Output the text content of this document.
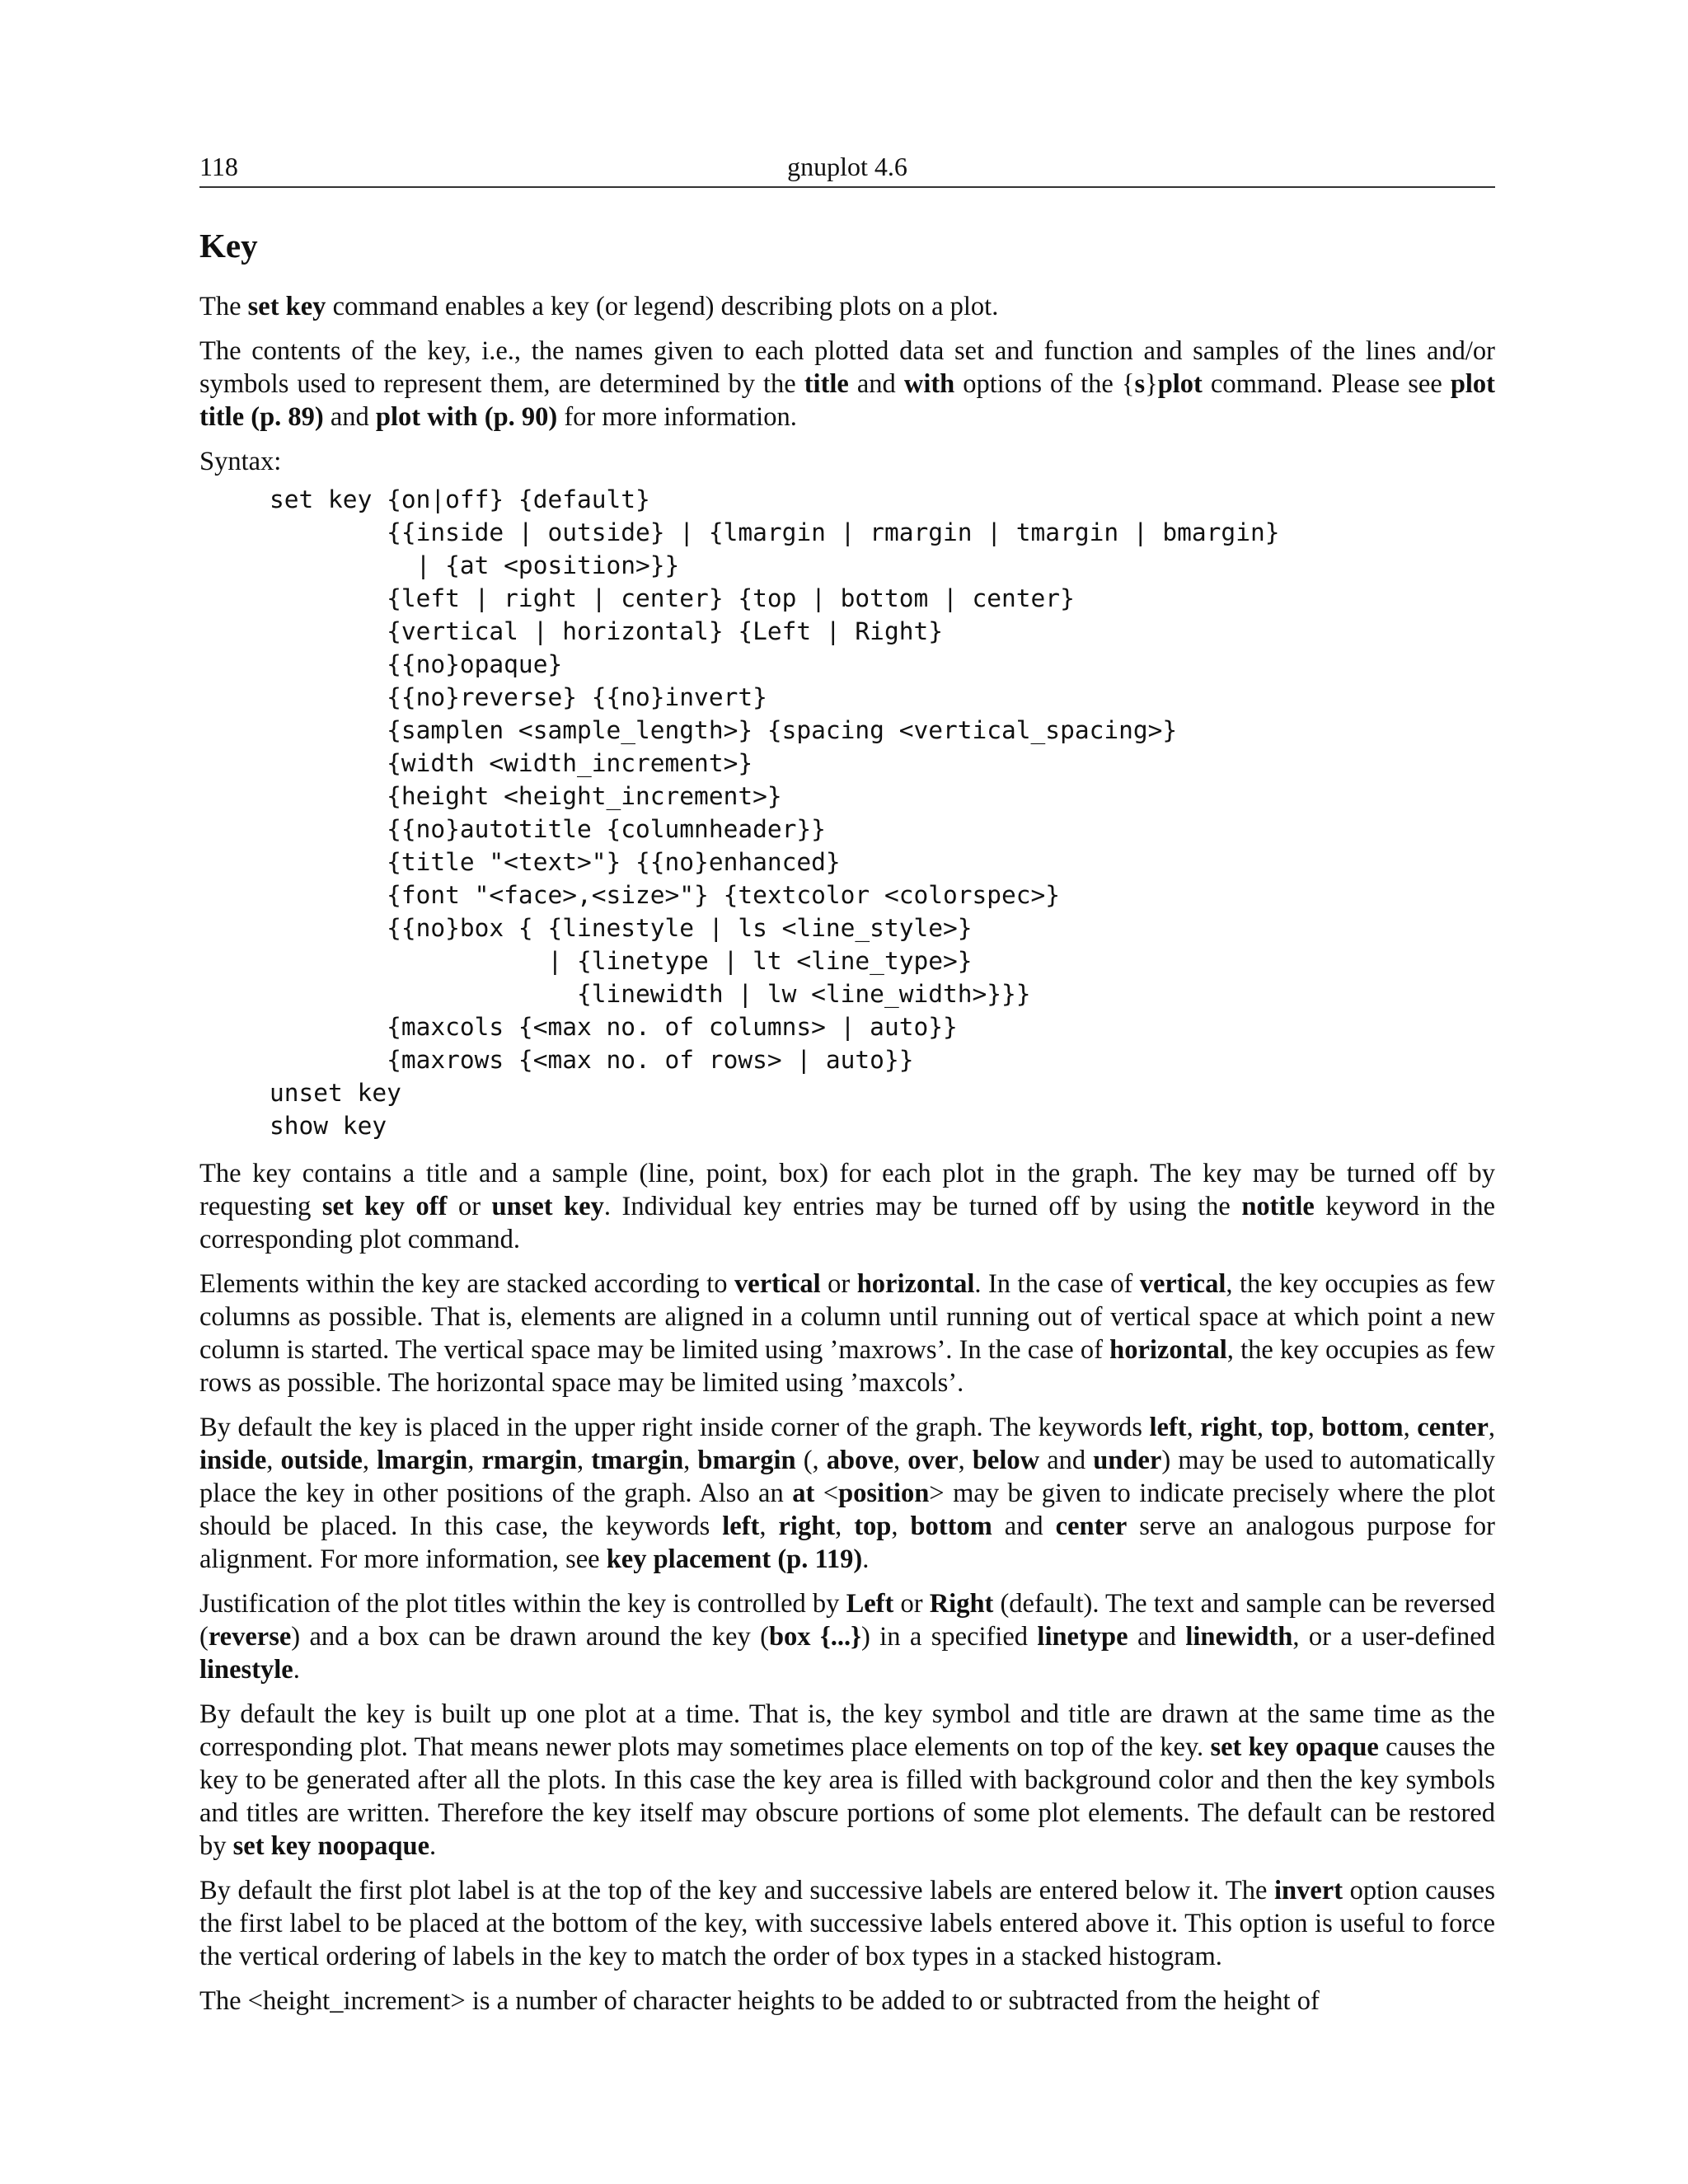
118	gnuplot 4.6
Key

The set key command enables a key (or legend) describing plots on a plot.

The contents of the key, i.e., the names given to each plotted data set and function and samples of the lines and/or symbols used to represent them, are determined by the title and with options of the {s}plot command. Please see plot title (p. 89) and plot with (p. 90) for more information.

Syntax:

set key {on|off} {default}
{{inside | outside} | {lmargin | rmargin | tmargin | bmargin}
| {at <position>}}
{left | right | center} {top | bottom | center}
{vertical | horizontal} {Left | Right}
{{no}opaque}
{{no}reverse} {{no}invert}
{samplen <sample_length>} {spacing <vertical_spacing>}
{width <width_increment>}
{height <height_increment>}
{{no}autotitle {columnheader}}
{title "<text>"} {{no}enhanced}
{font "<face>,<size>"} {textcolor <colorspec>}
{{no}box { {linestyle | ls <line_style>}
| {linetype | lt <line_type>}
{linewidth | lw <line_width>}}}
{maxcols {<max no. of columns> | auto}}
{maxrows {<max no. of rows> | auto}}
unset key
show key

The key contains a title and a sample (line, point, box) for each plot in the graph. The key may be turned off by requesting set key off or unset key. Individual key entries may be turned off by using the notitle keyword in the corresponding plot command.

Elements within the key are stacked according to vertical or horizontal. In the case of vertical, the key occupies as few columns as possible. That is, elements are aligned in a column until running out of vertical space at which point a new column is started. The vertical space may be limited using ’maxrows’. In the case of horizontal, the key occupies as few rows as possible. The horizontal space may be limited using ’maxcols’.

By default the key is placed in the upper right inside corner of the graph. The keywords left, right, top, bottom, center, inside, outside, lmargin, rmargin, tmargin, bmargin (, above, over, below and under) may be used to automatically place the key in other positions of the graph. Also an at <position> may be given to indicate precisely where the plot should be placed. In this case, the keywords left, right, top, bottom and center serve an analogous purpose for alignment. For more information, see key placement (p. 119).

Justification of the plot titles within the key is controlled by Left or Right (default). The text and sample can be reversed (reverse) and a box can be drawn around the key (box {...}) in a specified linetype and linewidth, or a user-defined linestyle.

By default the key is built up one plot at a time. That is, the key symbol and title are drawn at the same time as the corresponding plot. That means newer plots may sometimes place elements on top of the key. set key opaque causes the key to be generated after all the plots. In this case the key area is filled with background color and then the key symbols and titles are written. Therefore the key itself may obscure portions of some plot elements. The default can be restored by set key noopaque.

By default the first plot label is at the top of the key and successive labels are entered below it. The invert option causes the first label to be placed at the bottom of the key, with successive labels entered above it. This option is useful to force the vertical ordering of labels in the key to match the order of box types in a stacked histogram.

The <height_increment> is a number of character heights to be added to or subtracted from the height of
